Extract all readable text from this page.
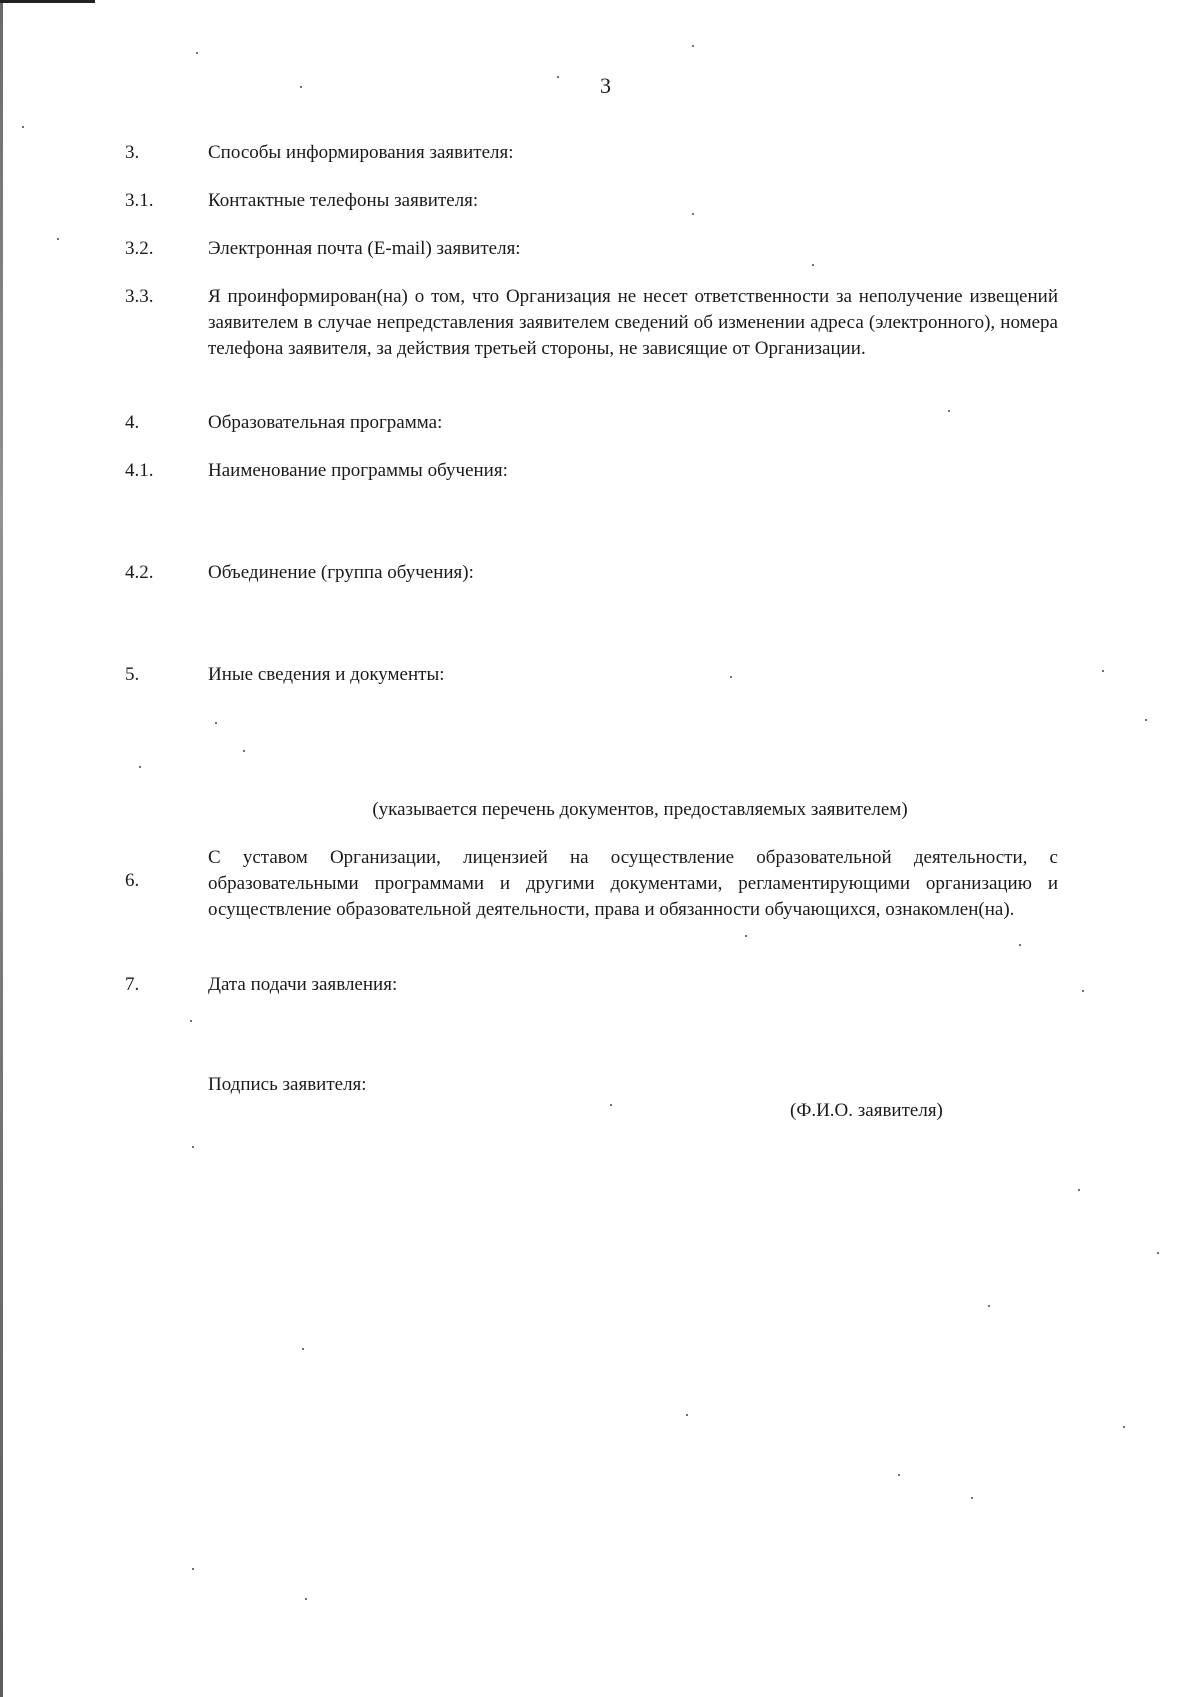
3
3.	Способы информирования заявителя:
3.1.	Контактные телефоны заявителя:
3.2.	Электронная почта (E-mail) заявителя:
3.3.	Я проинформирован(на) о том, что Организация не несет ответственности за неполучение извещений заявителем в случае непредставления заявителем сведений об изменении адреса (электронного), номера телефона заявителя, за действия третьей стороны, не зависящие от Организации.
4.	Образовательная программа:
4.1.	Наименование программы обучения:
4.2.	Объединение (группа обучения):
5.	Иные сведения и документы:
(указывается перечень документов, предоставляемых заявителем)
6.
С уставом Организации, лицензией на осуществление образовательной деятельности, с образовательными программами и другими документами, регламентирующими организацию и осуществление образовательной деятельности, права и обязанности обучающихся, ознакомлен(на).
7.	Дата подачи заявления:
Подпись заявителя:
(Ф.И.О. заявителя)
